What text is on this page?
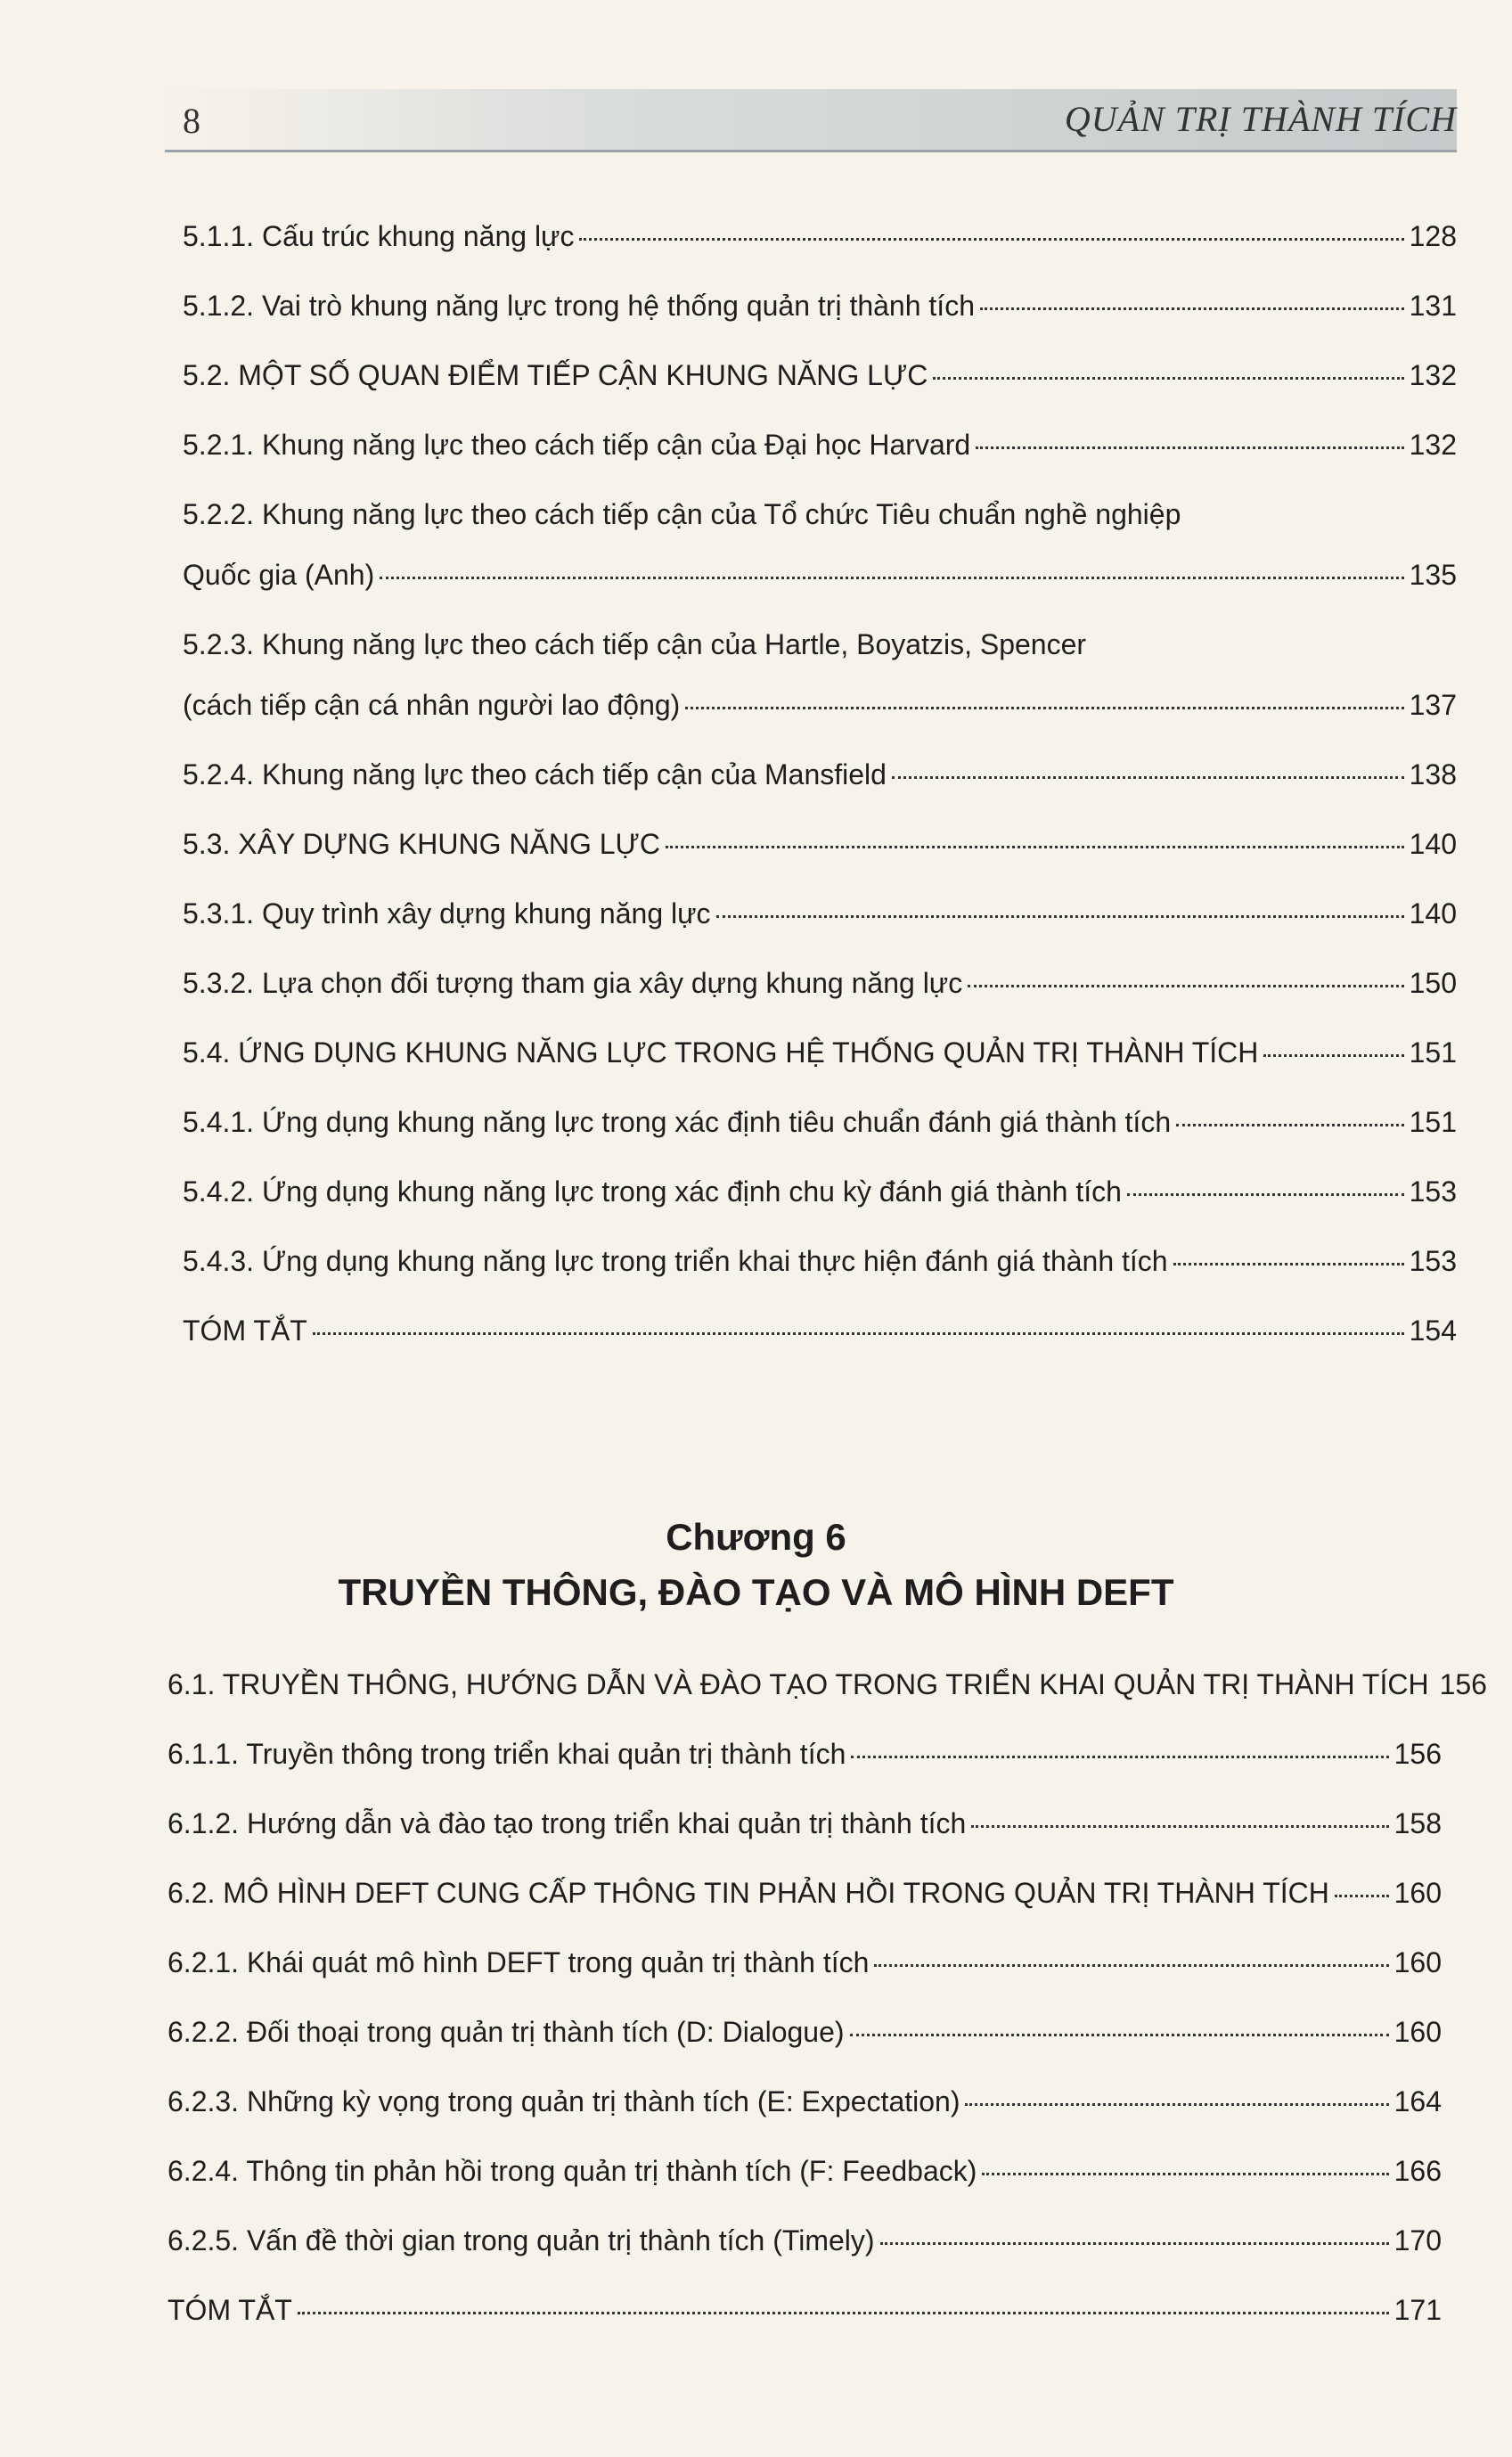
8	QUẢN TRỊ THÀNH TÍCH
5.1.1. Cấu trúc khung năng lực	128
5.1.2. Vai trò khung năng lực trong hệ thống quản trị thành tích	131
5.2. MỘT SỐ QUAN ĐIỂM TIẾP CẬN KHUNG NĂNG LỰC	132
5.2.1. Khung năng lực theo cách tiếp cận của Đại học Harvard	132
5.2.2. Khung năng lực theo cách tiếp cận của Tổ chức Tiêu chuẩn nghề nghiệp
Quốc gia (Anh)	135
5.2.3. Khung năng lực theo cách tiếp cận của Hartle, Boyatzis, Spencer
(cách tiếp cận cá nhân người lao động)	137
5.2.4. Khung năng lực theo cách tiếp cận của Mansfield	138
5.3. XÂY DỰNG KHUNG NĂNG LỰC	140
5.3.1. Quy trình xây dựng khung năng lực	140
5.3.2. Lựa chọn đối tượng tham gia xây dựng khung năng lực	150
5.4. ỨNG DỤNG KHUNG NĂNG LỰC TRONG HỆ THỐNG QUẢN TRỊ THÀNH TÍCH	151
5.4.1. Ứng dụng khung năng lực trong xác định tiêu chuẩn đánh giá thành tích	151
5.4.2. Ứng dụng khung năng lực trong xác định chu kỳ đánh giá thành tích	153
5.4.3. Ứng dụng khung năng lực trong triển khai thực hiện đánh giá thành tích	153
TÓM TẮT	154
Chương 6
TRUYỀN THÔNG, ĐÀO TẠO VÀ MÔ HÌNH DEFT
6.1. TRUYỀN THÔNG, HƯỚNG DẪN VÀ ĐÀO TẠO TRONG TRIỂN KHAI QUẢN TRỊ THÀNH TÍCH 156
6.1.1. Truyền thông trong triển khai quản trị thành tích	156
6.1.2. Hướng dẫn và đào tạo trong triển khai quản trị thành tích	158
6.2. MÔ HÌNH DEFT CUNG CẤP THÔNG TIN PHẢN HỒI TRONG QUẢN TRỊ THÀNH TÍCH 160
6.2.1. Khái quát mô hình DEFT trong quản trị thành tích	160
6.2.2. Đối thoại trong quản trị thành tích (D: Dialogue)	160
6.2.3. Những kỳ vọng trong quản trị thành tích (E: Expectation)	164
6.2.4. Thông tin phản hồi trong quản trị thành tích (F: Feedback)	166
6.2.5. Vấn đề thời gian trong quản trị thành tích (Timely)	170
TÓM TẮT	171
